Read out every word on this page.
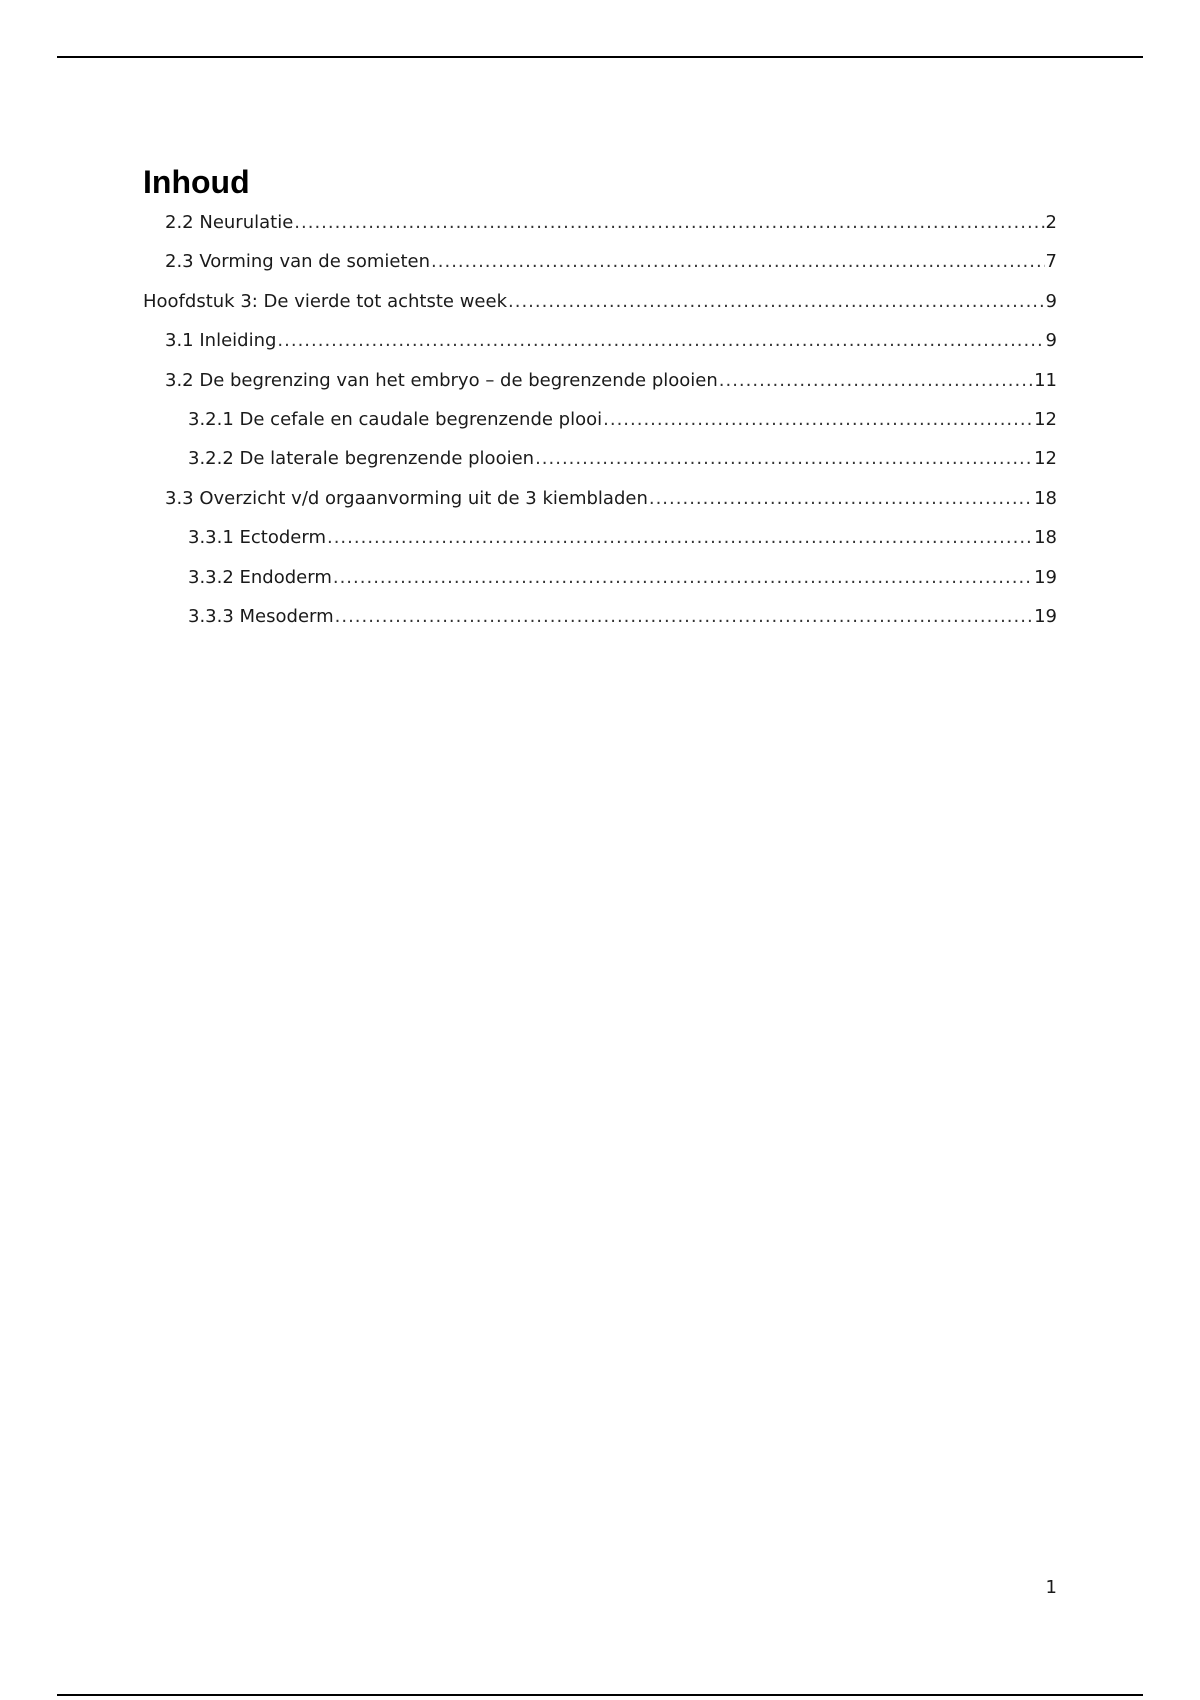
Inhoud
2.2 Neurulatie .....	2
2.3 Vorming van de somieten .....	7
Hoofdstuk 3: De vierde tot achtste week .....	9
3.1 Inleiding .....	9
3.2 De begrenzing van het embryo – de begrenzende plooien .....	11
3.2.1 De cefale en caudale begrenzende plooi .....	12
3.2.2 De laterale begrenzende plooien .....	12
3.3 Overzicht v/d orgaanvorming uit de 3 kiembladen .....	18
3.3.1 Ectoderm .....	18
3.3.2 Endoderm .....	19
3.3.3 Mesoderm .....	19
1
